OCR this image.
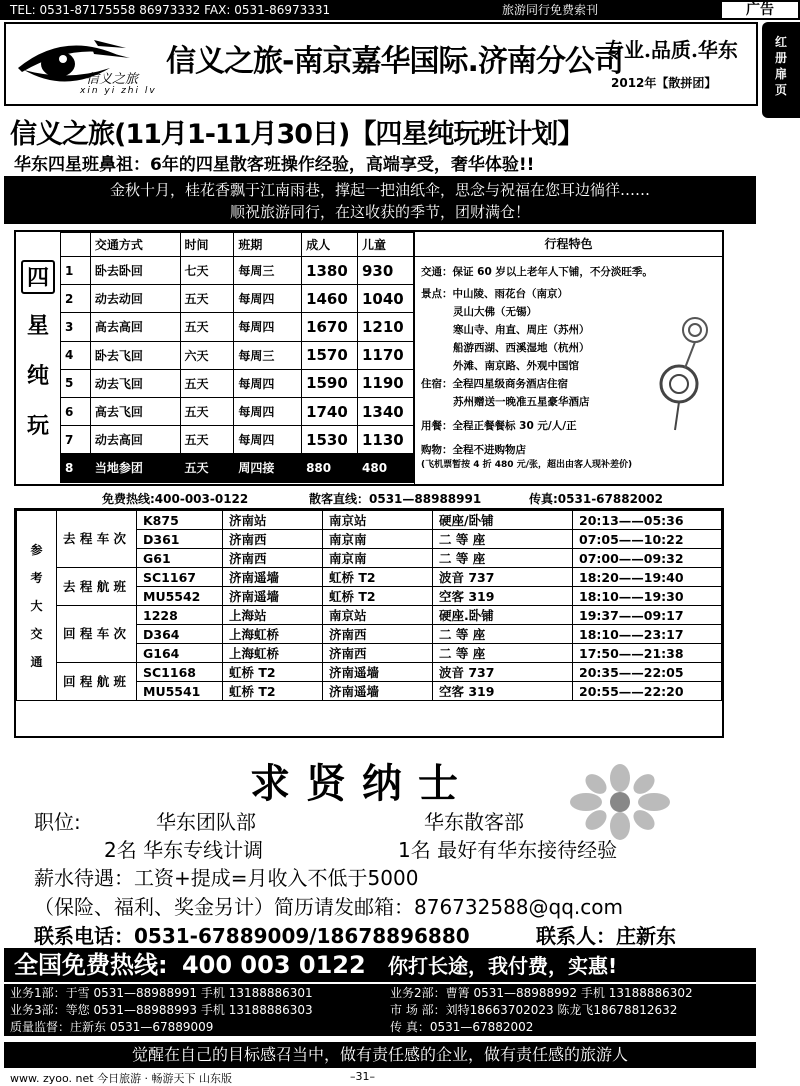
TEL: 0531-87175558 86973332 FAX: 0531-86973331	旅游同行免费索刊	广告
红册扉页
信义之旅
xin yi zhi lv
信义之旅-南京嘉华国际.济南分公司
专业.品质.华东
2012年【散拼团】
信义之旅(11月1-11月30日)【四星纯玩班计划】
华东四星班鼻祖：6年的四星散客班操作经验，高端享受，奢华体验!!
金秋十月，桂花香飘于江南雨巷，撑起一把油纸伞，思念与祝福在您耳边徜徉……
顺祝旅游同行，在这收获的季节，团财满仓！
四
星
纯
玩
	交通方式	时间	班期	成人	儿童
1	卧去卧回	七天	每周三	1380	930
2	动去动回	五天	每周四	1460	1040
3	高去高回	五天	每周四	1670	1210
4	卧去飞回	六天	每周三	1570	1170
5	动去飞回	五天	每周四	1590	1190
6	高去飞回	五天	每周四	1740	1340
7	动去高回	五天	每周四	1530	1130
8	当地参团	五天	周四接	880	480
行程特色
交通：保证 60 岁以上老年人下铺，不分淡旺季。
景点：中山陵、雨花台（南京）
灵山大佛（无锡）
寒山寺、甪直、周庄（苏州）
船游西湖、西溪湿地（杭州）
外滩、南京路、外观中国馆
住宿：全程四星级商务酒店住宿
苏州赠送一晚准五星豪华酒店
用餐：全程正餐餐标 30 元/人/正
购物：全程不进购物店
(飞机票暂按 4 折 480 元/张，超出由客人现补差价)
免费热线:400-003-0122	散客直线：0531—88988991	传真:0531-67882002
参考大交通	去 程 车 次	K875	济南站	南京站	硬座/卧铺	20:13——05:36
		D361	济南西	南京南	二 等 座	07:05——10:22
		G61	济南西	南京南	二 等 座	07:00——09:32
	去 程 航 班	SC1167	济南遥墙	虹桥 T2	波音 737	18:20——19:40
		MU5542	济南遥墙	虹桥 T2	空客 319	18:10——19:30
	回 程 车 次	1228	上海站	南京站	硬座.卧铺	19:37——09:17
		D364	上海虹桥	济南西	二 等 座	18:10——23:17
		G164	上海虹桥	济南西	二 等 座	17:50——21:38
	回 程 航 班	SC1168	虹桥 T2	济南遥墙	波音 737	20:35——22:05
		MU5541	虹桥 T2	济南遥墙	空客 319	20:55——22:20
求贤纳士
职位:	华东团队部	华东散客部
2名 华东专线计调	1名 最好有华东接待经验
薪水待遇：工资+提成=月收入不低于5000
（保险、福利、奖金另计）简历请发邮箱：876732588@qq.com
联系电话：0531-67889009/18678896880	联系人：庄新东
全国免费热线: 400 003 0122 你打长途，我付费，实惠!
业务1部：于雪 0531—88988991 手机 13188886301	业务2部：曹箐 0531—88988992 手机 13188886302
业务3部：等您 0531—88988993 手机 13188886303	市 场 部：刘特18663702023 陈龙飞18678812632
质量监督：庄新东 0531—67889009	传 真：0531—67882002
觉醒在自己的目标感召当中，做有责任感的企业，做有责任感的旅游人
www. zyoo. net 今日旅游 · 畅游天下 山东版	–31–
